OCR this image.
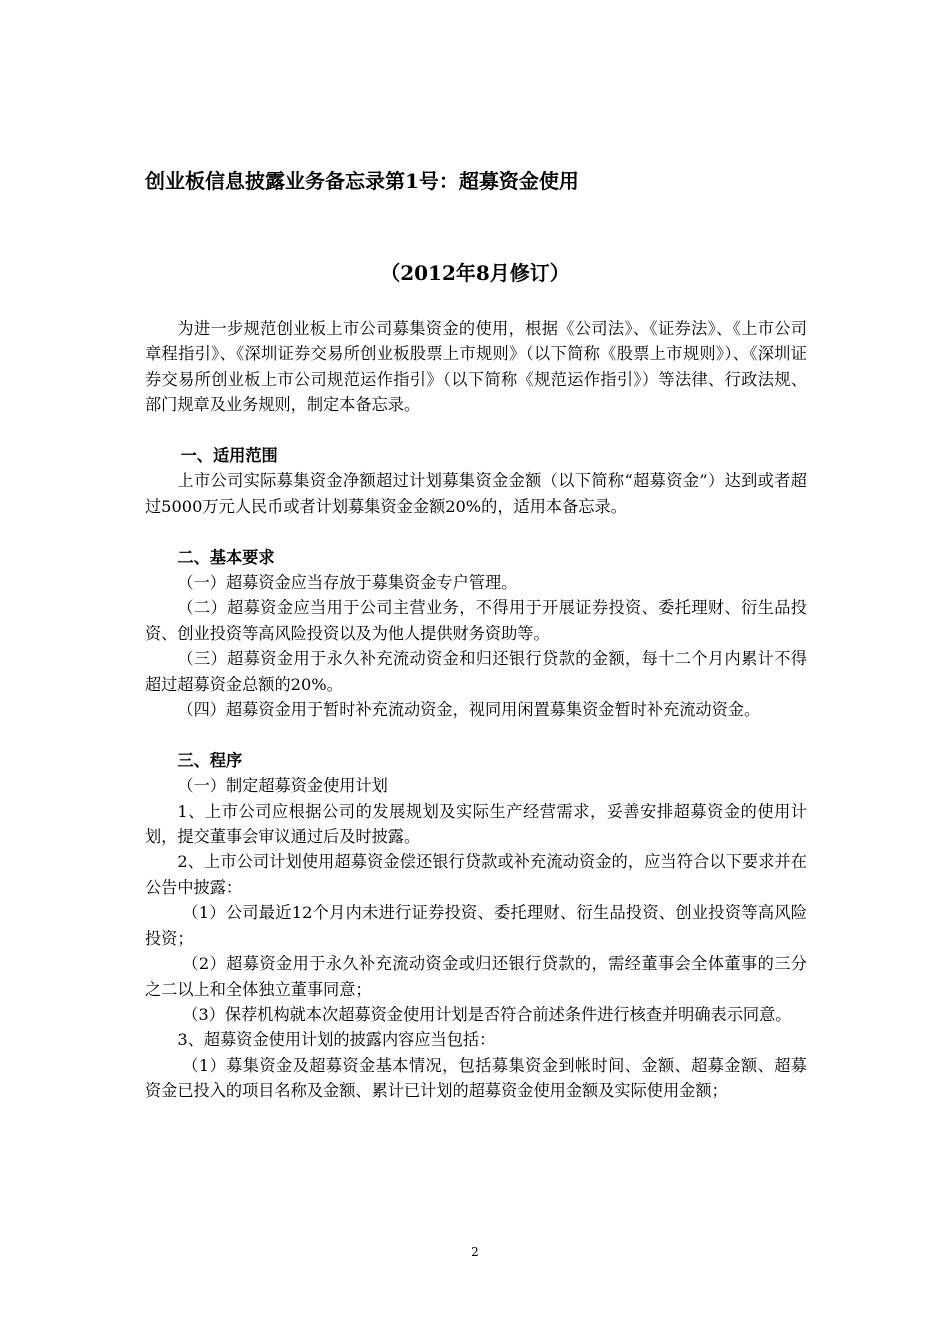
创业板信息披露业务备忘录第1号：超募资金使用
（2012年8月修订）

为进一步规范创业板上市公司募集资金的使用，根据《公司法》、《证券法》、《上市公司章程指引》、《深圳证券交易所创业板股票上市规则》（以下简称《股票上市规则》）、《深圳证券交易所创业板上市公司规范运作指引》（以下简称《规范运作指引》）等法律、行政法规、部门规章及业务规则，制定本备忘录。

一、适用范围

上市公司实际募集资金净额超过计划募集资金金额（以下简称“超募资金”）达到或者超过5000万元人民币或者计划募集资金金额20%的，适用本备忘录。

二、基本要求

（一）超募资金应当存放于募集资金专户管理。

（二）超募资金应当用于公司主营业务，不得用于开展证券投资、委托理财、衍生品投资、创业投资等高风险投资以及为他人提供财务资助等。

（三）超募资金用于永久补充流动资金和归还银行贷款的金额，每十二个月内累计不得超过超募资金总额的20%。

（四）超募资金用于暂时补充流动资金，视同用闲置募集资金暂时补充流动资金。

三、程序

（一）制定超募资金使用计划

1、上市公司应根据公司的发展规划及实际生产经营需求，妥善安排超募资金的使用计划，提交董事会审议通过后及时披露。

2、上市公司计划使用超募资金偿还银行贷款或补充流动资金的，应当符合以下要求并在公告中披露：

（1）公司最近12个月内未进行证券投资、委托理财、衍生品投资、创业投资等高风险投资；

（2）超募资金用于永久补充流动资金或归还银行贷款的，需经董事会全体董事的三分之二以上和全体独立董事同意；

（3）保荐机构就本次超募资金使用计划是否符合前述条件进行核查并明确表示同意。

3、超募资金使用计划的披露内容应当包括：

（1）募集资金及超募资金基本情况，包括募集资金到帐时间、金额、超募金额、超募资金已投入的项目名称及金额、累计已计划的超募资金使用金额及实际使用金额；

2
